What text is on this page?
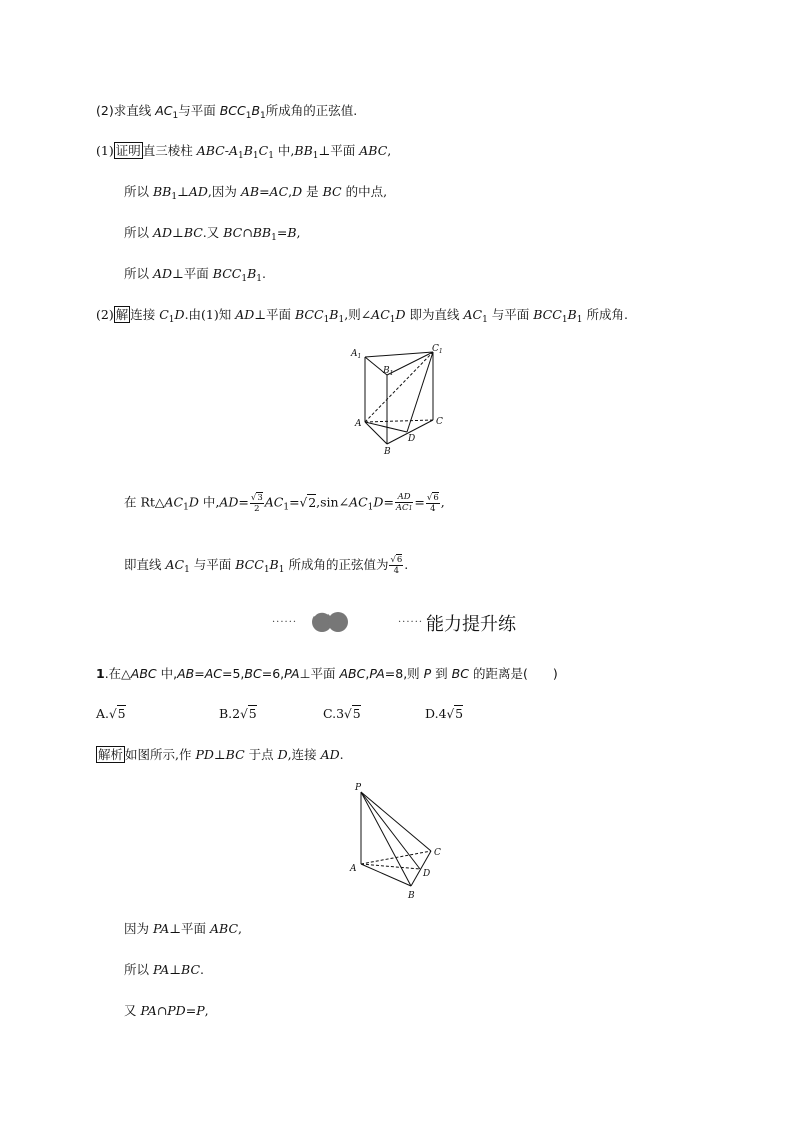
(2)求直线 $AC_1$与平面 $BCC_1B_1$所成角的正弦值.
(1) 证明 直三棱柱 ABC-$A_1B_1C_1$ 中$,BB_1\perp$平面 ABC,
所以 $BB_1\perp AD$,因为 AB=AC,D 是 BC 的中点,
所以 AD⊥BC.又 $BC\cap BB_1=B$,
所以 AD⊥平面 $BCC_1B_1$.
(2) 解 连接 $C_1D$.由(1)知 AD⊥平面 $BCC_1B_1$,则$\angle AC_1D$ 即为直线 $AC_1$ 与平面 $BCC_1B_1$ 所成角.
$A_1$
$B_1$
$C_1$
A
B
C
D
在 $Rt\triangle AC_1D$ 中$,AD= \frac{√3}{2}$ $AC_1=√2,\sin\angle AC_1D= \frac{AD}{AC1} = \frac{√6}{4}$ ,
即直线 $AC_1$ 与平面 $BCC_1B_1$ 所成角的正弦值为 $\frac{√6}{4}$ .
······	······ 能力提升练
1.在△ABC 中,AB=AC=5,BC=6,PA⊥平面 ABC,PA=8,则 P 到 BC 的距离是(　　)
A.√5	B.2√5	C.3√5	D.4√5
解析 如图所示,作 PD⊥BC 于点 D,连接 AD.
P
A
B
C
D
因为 PA⊥平面 ABC,
所以 PA⊥BC.
又 PA∩PD=P,
